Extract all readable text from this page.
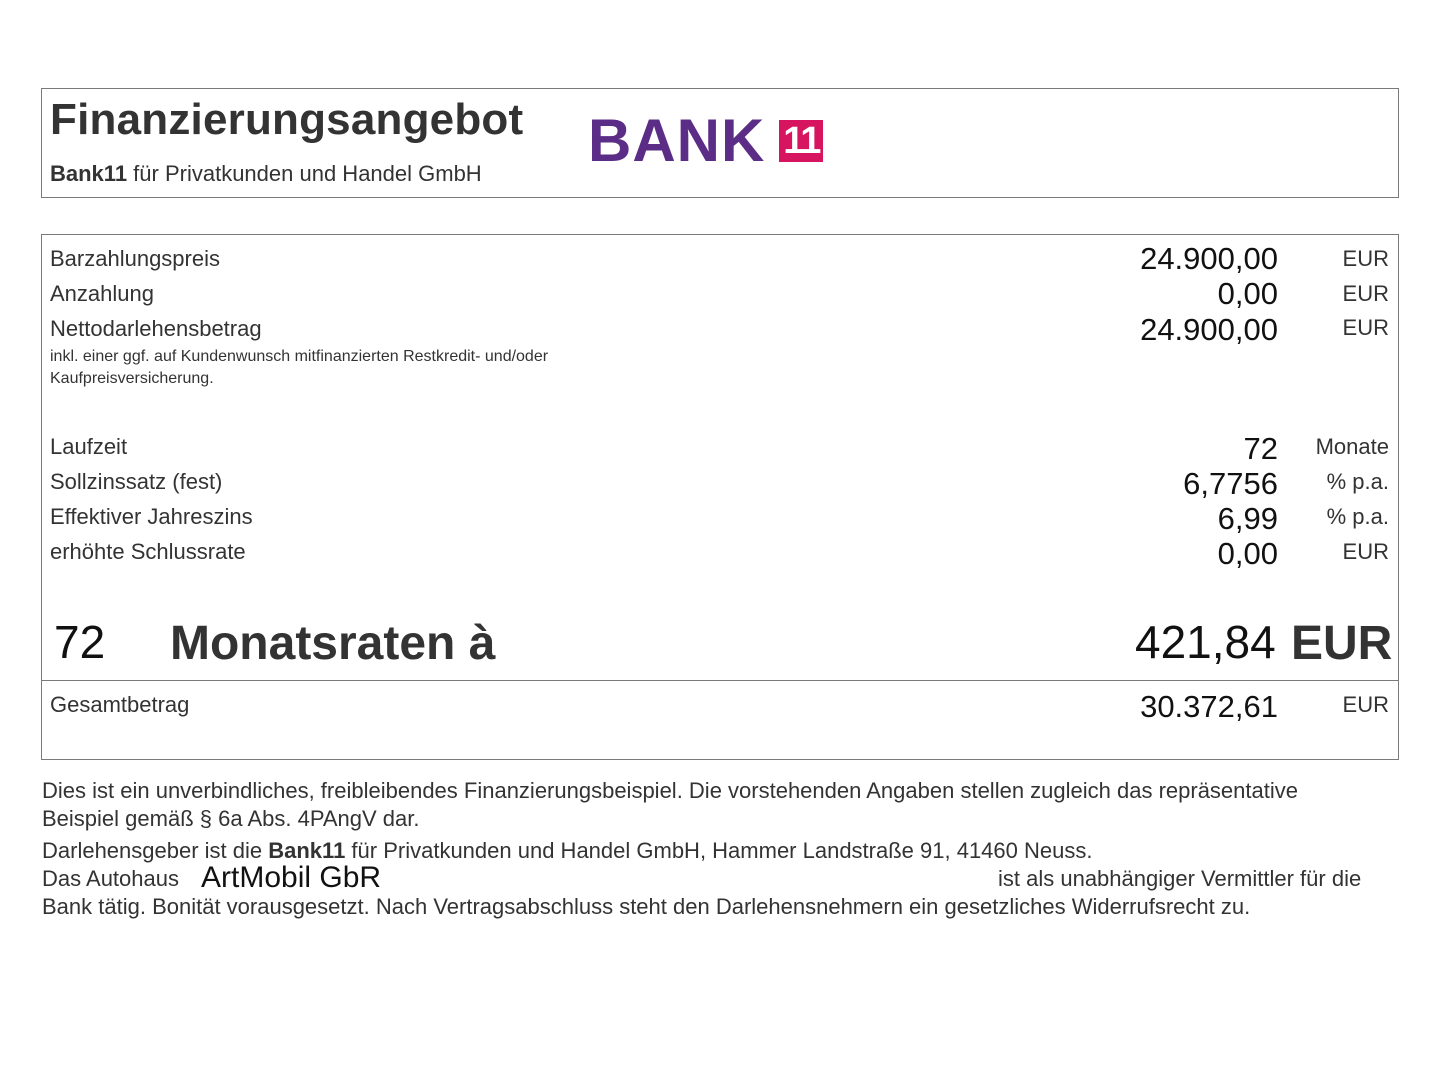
Finanzierungsangebot
Bank11 für Privatkunden und Handel GmbH BANK 11
Barzahlungspreis	24.900,00	EUR
Anzahlung	0,00	EUR
Nettodarlehensbetrag	24.900,00	EUR
inkl. einer ggf. auf Kundenwunsch mitfinanzierten Restkredit- und/oder Kaufpreisversicherung.
Laufzeit	72 Monate
Sollzinssatz (fest)	6,7756 % p.a.
Effektiver Jahreszins	6,99 % p.a.
erhöhte Schlussrate	0,00	EUR
72 Monatsraten à	421,84 EUR
Gesamtbetrag	30.372,61	EUR
Dies ist ein unverbindliches, freibleibendes Finanzierungsbeispiel. Die vorstehenden Angaben stellen zugleich das repräsentative
Beispiel gemäß § 6a Abs. 4PAngV dar.
Darlehensgeber ist die Bank11 für Privatkunden und Handel GmbH, Hammer Landstraße 91, 41460 Neuss.
Das Autohaus ArtMobil GbR	ist als unabhängiger Vermittler für die
Bank tätig. Bonität vorausgesetzt. Nach Vertragsabschluss steht den Darlehensnehmern ein gesetzliches Widerrufsrecht zu.
